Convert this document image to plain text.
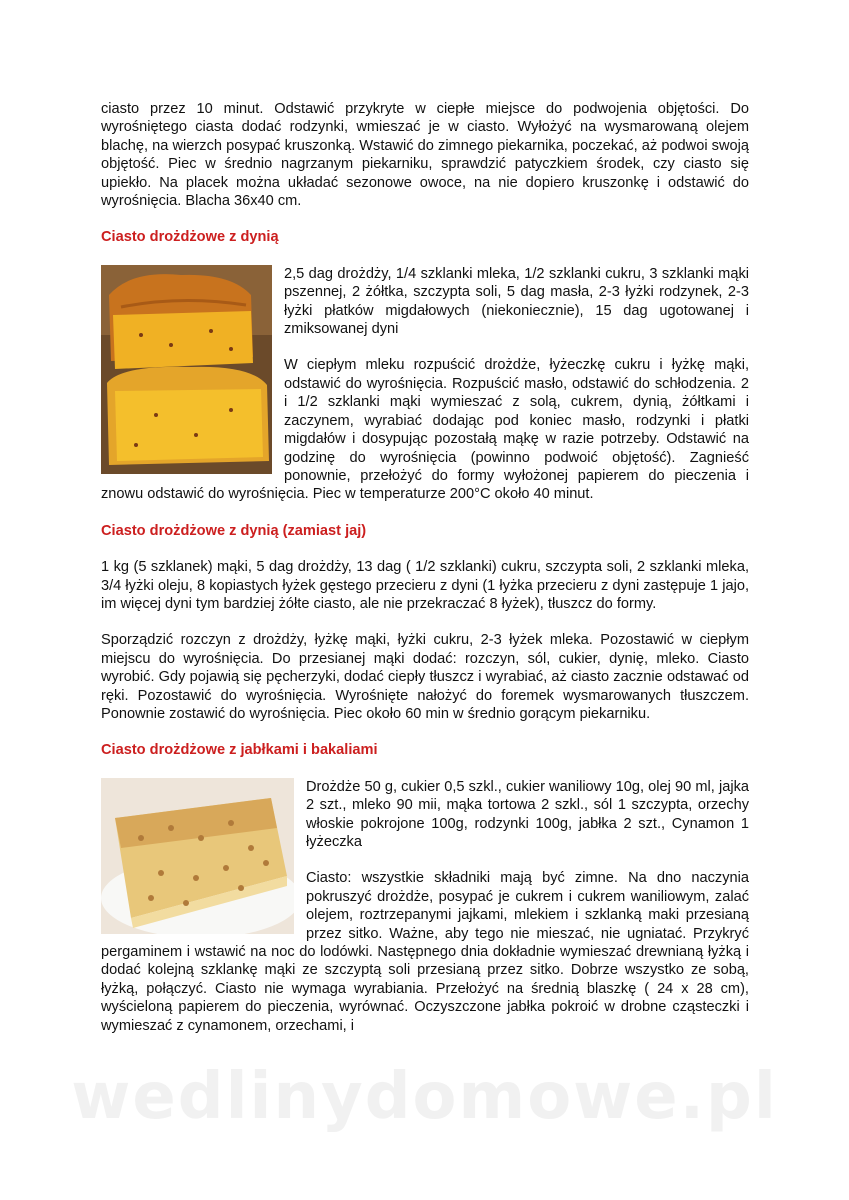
ciasto przez 10 minut. Odstawić przykryte w ciepłe miejsce do podwojenia objętości. Do wyrośniętego ciasta dodać rodzynki, wmieszać je w ciasto. Wyłożyć na wysmarowaną olejem blachę, na wierzch posypać kruszonką. Wstawić do zimnego piekarnika, poczekać, aż podwoi swoją objętość. Piec w średnio nagrzanym piekarniku, sprawdzić patyczkiem środek, czy ciasto się upiekło. Na placek można układać sezonowe owoce, na nie dopiero kruszonkę i odstawić do wyrośnięcia. Blacha 36x40 cm.

Ciasto drożdżowe z dynią

2,5 dag drożdży, 1/4 szklanki mleka, 1/2 szklanki cukru, 3 szklanki mąki pszennej, 2 żółtka, szczypta soli, 5 dag masła, 2-3 łyżki rodzynek, 2-3 łyżki płatków migdałowych (niekoniecznie), 15 dag ugotowanej i zmiksowanej dyni

W ciepłym mleku rozpuścić drożdże, łyżeczkę cukru i łyżkę mąki, odstawić do wyrośnięcia. Rozpuścić masło, odstawić do schłodzenia. 2 i 1/2 szklanki mąki wymieszać z solą, cukrem, dynią, żółtkami i zaczynem, wyrabiać dodając pod koniec masło, rodzynki i płatki migdałów i dosypując pozostałą mąkę w razie potrzeby. Odstawić na godzinę do wyrośnięcia (powinno podwoić objętość). Zagnieść ponownie, przełożyć do formy wyłożonej papierem do pieczenia i znowu odstawić do wyrośnięcia. Piec w temperaturze 200°C około 40 minut.

Ciasto drożdżowe z dynią (zamiast jaj)

1 kg (5 szklanek) mąki, 5 dag drożdży, 13 dag ( 1/2 szklanki) cukru, szczypta soli, 2 szklanki mleka, 3/4 łyżki oleju, 8 kopiastych łyżek gęstego przecieru z dyni (1 łyżka przecieru z dyni zastępuje 1 jajo, im więcej dyni tym bardziej żółte ciasto, ale nie przekraczać 8 łyżek), tłuszcz do formy.

Sporządzić rozczyn z drożdży, łyżkę mąki, łyżki cukru, 2-3 łyżek mleka. Pozostawić w ciepłym miejscu do wyrośnięcia. Do przesianej mąki dodać: rozczyn, sól, cukier, dynię, mleko. Ciasto wyrobić. Gdy pojawią się pęcherzyki, dodać ciepły tłuszcz i wyrabiać, aż ciasto zacznie odstawać od ręki. Pozostawić do wyrośnięcia. Wyrośnięte nałożyć do foremek wysmarowanych tłuszczem. Ponownie zostawić do wyrośnięcia. Piec około 60 min w średnio gorącym piekarniku.

Ciasto drożdżowe z jabłkami i bakaliami

Drożdże 50 g, cukier 0,5 szkl., cukier waniliowy 10g, olej 90 ml, jajka 2 szt., mleko 90 mii, mąka tortowa 2 szkl., sól 1 szczypta, orzechy włoskie pokrojone 100g, rodzynki 100g, jabłka 2 szt., Cynamon 1 łyżeczka

Ciasto: wszystkie składniki mają być zimne. Na dno naczynia pokruszyć drożdże, posypać je cukrem i cukrem waniliowym, zalać olejem, roztrzepanymi jajkami, mlekiem i szklanką maki przesianą przez sitko. Ważne, aby tego nie mieszać, nie ugniatać. Przykryć pergaminem i wstawić na noc do lodówki. Następnego dnia dokładnie wymieszać drewnianą łyżką i dodać kolejną szklankę mąki ze szczyptą soli przesianą przez sitko. Dobrze wszystko ze sobą, łyżką, połączyć. Ciasto nie wymaga wyrabiania. Przełożyć na średnią blaszkę ( 24 x 28 cm), wyścieloną papierem do pieczenia, wyrównać. Oczyszczone jabłka pokroić w drobne cząsteczki i wymieszać z cynamonem, orzechami, i

wedlinydomowe.pl
